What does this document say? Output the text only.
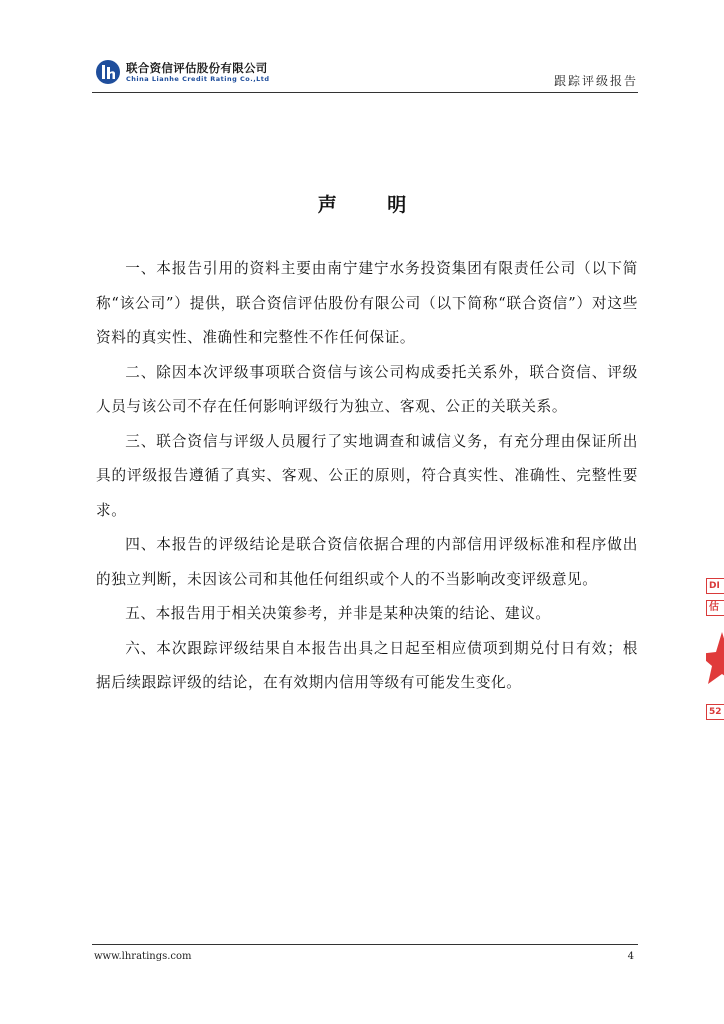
联合资信评估股份有限公司
China Lianhe Credit Rating Co.,Ltd	跟踪评级报告
声 明

一、本报告引用的资料主要由南宁建宁水务投资集团有限责任公司（以下简称“该公司”）提供，联合资信评估股份有限公司（以下简称“联合资信”）对这些资料的真实性、准确性和完整性不作任何保证。

二、除因本次评级事项联合资信与该公司构成委托关系外，联合资信、评级人员与该公司不存在任何影响评级行为独立、客观、公正的关联关系。

三、联合资信与评级人员履行了实地调查和诚信义务，有充分理由保证所出具的评级报告遵循了真实、客观、公正的原则，符合真实性、准确性、完整性要求。

四、本报告的评级结论是联合资信依据合理的内部信用评级标准和程序做出的独立判断，未因该公司和其他任何组织或个人的不当影响改变评级意见。

五、本报告用于相关决策参考，并非是某种决策的结论、建议。

六、本次跟踪评级结果自本报告出具之日起至相应债项到期兑付日有效；根据后续跟踪评级的结论，在有效期内信用等级有可能发生变化。

DI
估
52
www.lhratings.com	4
